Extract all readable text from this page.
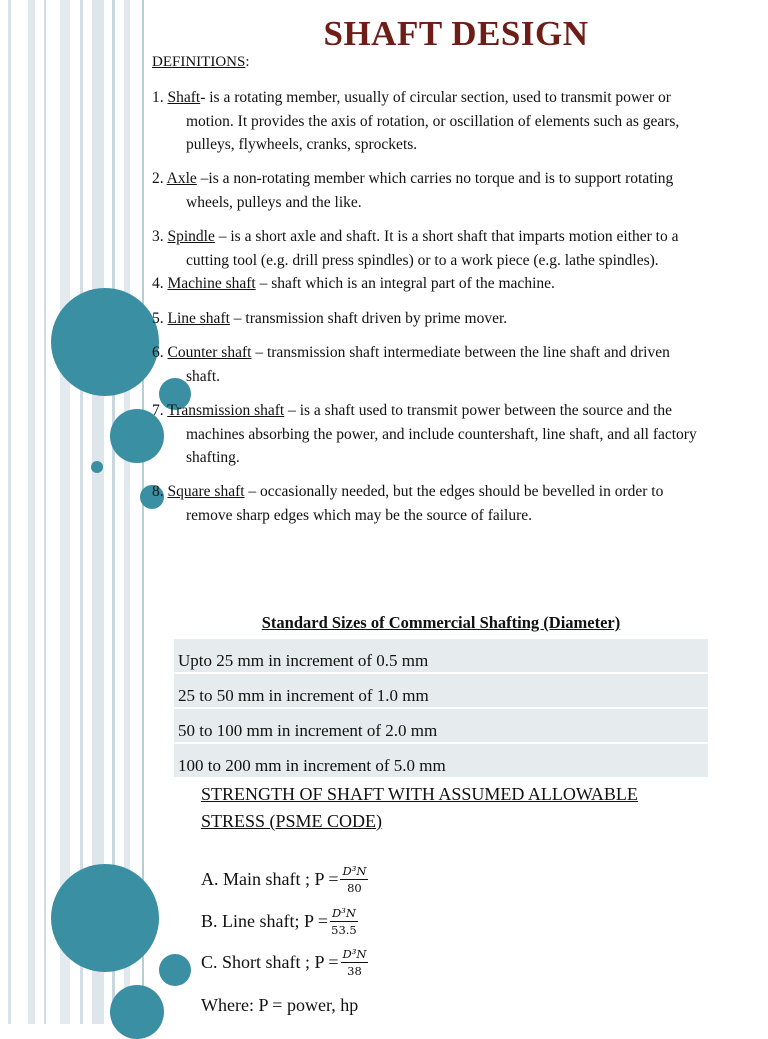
SHAFT DESIGN
DEFINITIONS:
1. Shaft- is a rotating member, usually of circular section, used to transmit power or
motion. It provides the axis of rotation, or oscillation of elements such as gears,
pulleys, flywheels, cranks, sprockets.
2. Axle –is a non-rotating member which carries no torque and is to support rotating
wheels, pulleys and the like.
3. Spindle – is a short axle and shaft. It is a short shaft that imparts motion either to a
cutting tool (e.g. drill press spindles) or to a work piece (e.g. lathe spindles).
4. Machine shaft – shaft which is an integral part of the machine.
5. Line shaft – transmission shaft driven by prime mover.
6. Counter shaft – transmission shaft intermediate between the line shaft and driven
shaft.
7. Transmission shaft – is a shaft used to transmit power between the source and the
machines absorbing the power, and include countershaft, line shaft, and all factory
shafting.
8. Square shaft – occasionally needed, but the edges should be bevelled in order to
remove sharp edges which may be the source of failure.
Standard Sizes of Commercial Shafting (Diameter)
Upto 25 mm in increment of 0.5 mm
25 to 50 mm in increment of 1.0 mm
50 to 100 mm in increment of 2.0 mm
100 to 200 mm in increment of 5.0 mm
STRENGTH OF SHAFT WITH ASSUMED ALLOWABLE
STRESS (PSME CODE)
A. Main shaft ; $P = \frac{\text{D³N}}{80}$
B. Line shaft; $P = \frac{\text{D³N}}{53.5}$
C. Short shaft ; $P = \frac{\text{D³N}}{38}$
Where: P = power, hp
